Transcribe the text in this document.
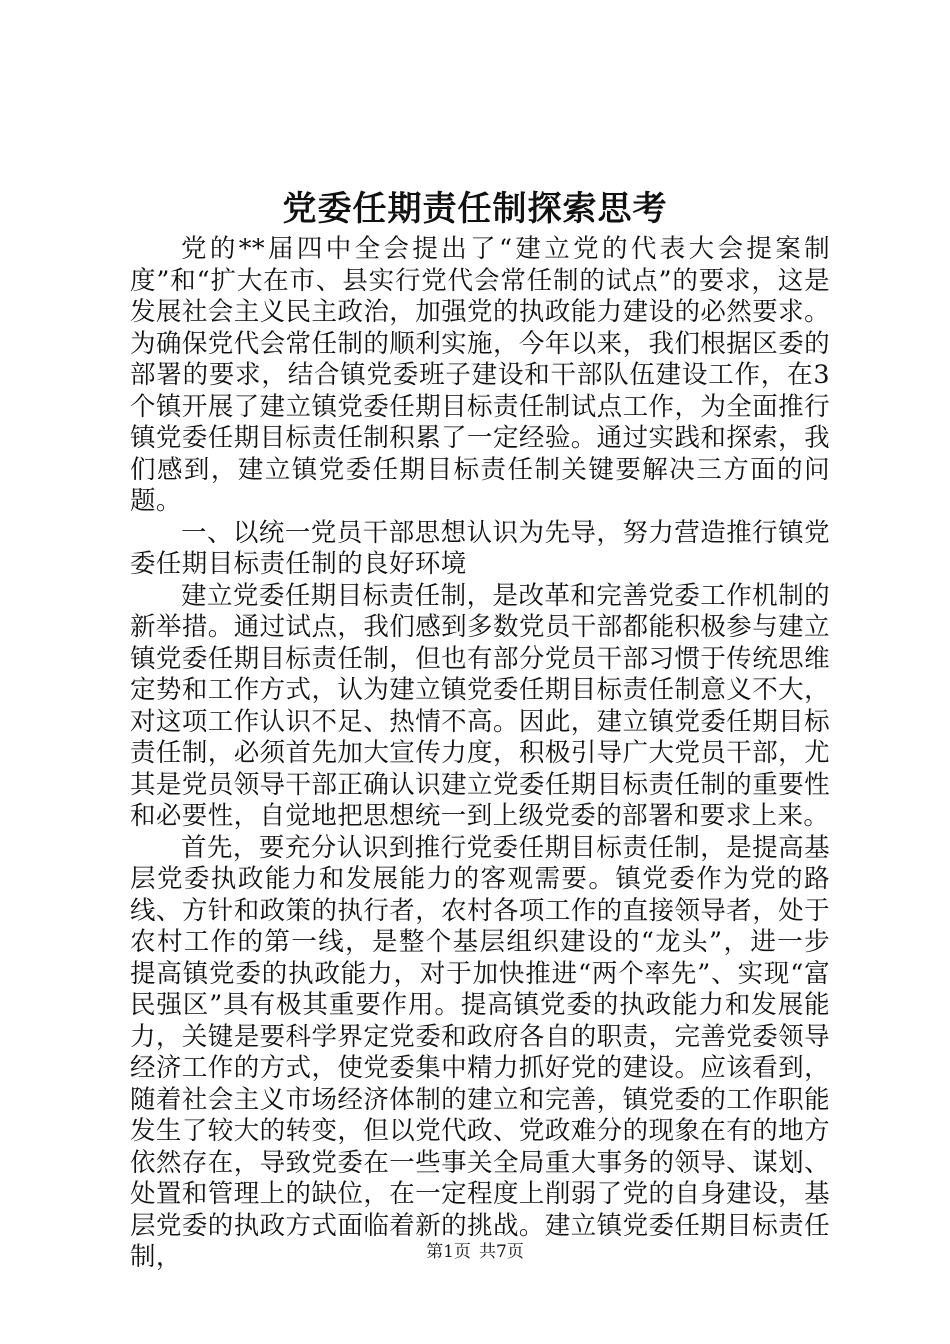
党委任期责任制探索思考

党的**届四中全会提出了“建立党的代表大会提案制度”和“扩大在市、县实行党代会常任制的试点”的要求，这是发展社会主义民主政治，加强党的执政能力建设的必然要求。为确保党代会常任制的顺利实施，今年以来，我们根据区委的部署的要求，结合镇党委班子建设和干部队伍建设工作，在3个镇开展了建立镇党委任期目标责任制试点工作，为全面推行镇党委任期目标责任制积累了一定经验。通过实践和探索，我们感到，建立镇党委任期目标责任制关键要解决三方面的问题。

一、以统一党员干部思想认识为先导，努力营造推行镇党委任期目标责任制的良好环境

建立党委任期目标责任制，是改革和完善党委工作机制的新举措。通过试点，我们感到多数党员干部都能积极参与建立镇党委任期目标责任制，但也有部分党员干部习惯于传统思维定势和工作方式，认为建立镇党委任期目标责任制意义不大，对这项工作认识不足、热情不高。因此，建立镇党委任期目标责任制，必须首先加大宣传力度，积极引导广大党员干部，尤其是党员领导干部正确认识建立党委任期目标责任制的重要性和必要性，自觉地把思想统一到上级党委的部署和要求上来。

首先，要充分认识到推行党委任期目标责任制，是提高基层党委执政能力和发展能力的客观需要。镇党委作为党的路线、方针和政策的执行者，农村各项工作的直接领导者，处于农村工作的第一线，是整个基层组织建设的“龙头”，进一步提高镇党委的执政能力，对于加快推进“两个率先”、实现“富民强区”具有极其重要作用。提高镇党委的执政能力和发展能力，关键是要科学界定党委和政府各自的职责，完善党委领导经济工作的方式，使党委集中精力抓好党的建设。应该看到，随着社会主义市场经济体制的建立和完善，镇党委的工作职能发生了较大的转变，但以党代政、党政难分的现象在有的地方依然存在，导致党委在一些事关全局重大事务的领导、谋划、处置和管理上的缺位，在一定程度上削弱了党的自身建设，基层党委的执政方式面临着新的挑战。建立镇党委任期目标责任制，	第1页 共7页
